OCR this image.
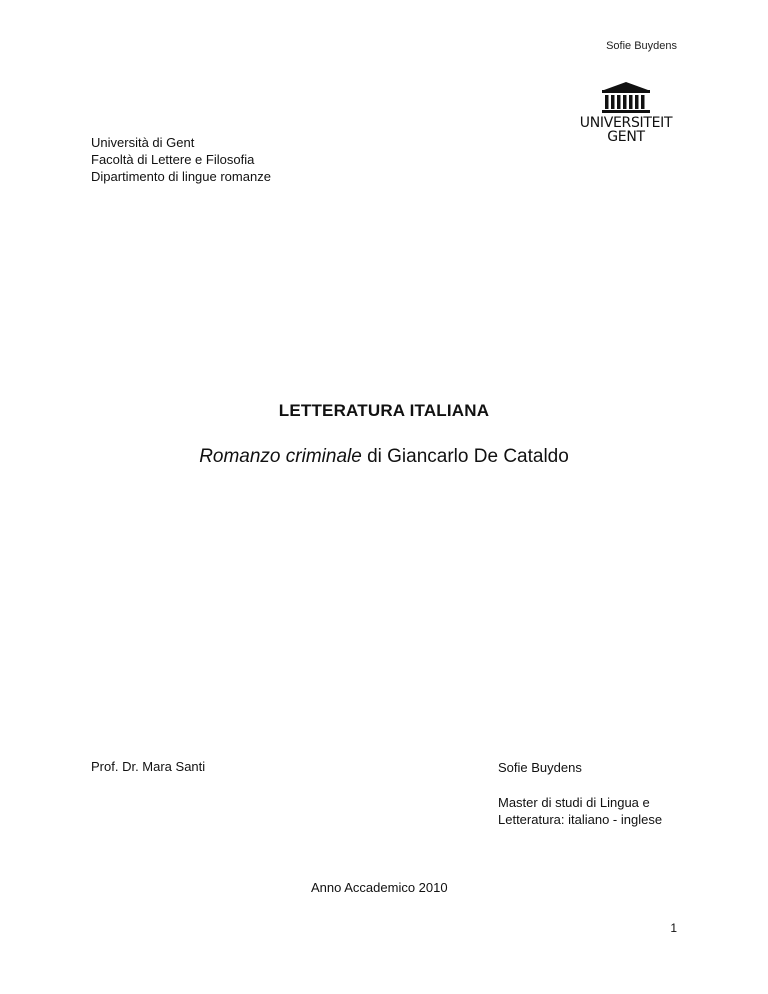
Sofie Buydens
UNIVERSITEIT
GENT
Università di Gent
Facoltà di Lettere e Filosofia
Dipartimento di lingue romanze
LETTERATURA ITALIANA
Romanzo criminale di Giancarlo De Cataldo
Prof. Dr. Mara Santi	Sofie Buydens
Master di studi di Lingua e Letteratura: italiano - inglese
Anno Accademico 2010
1
